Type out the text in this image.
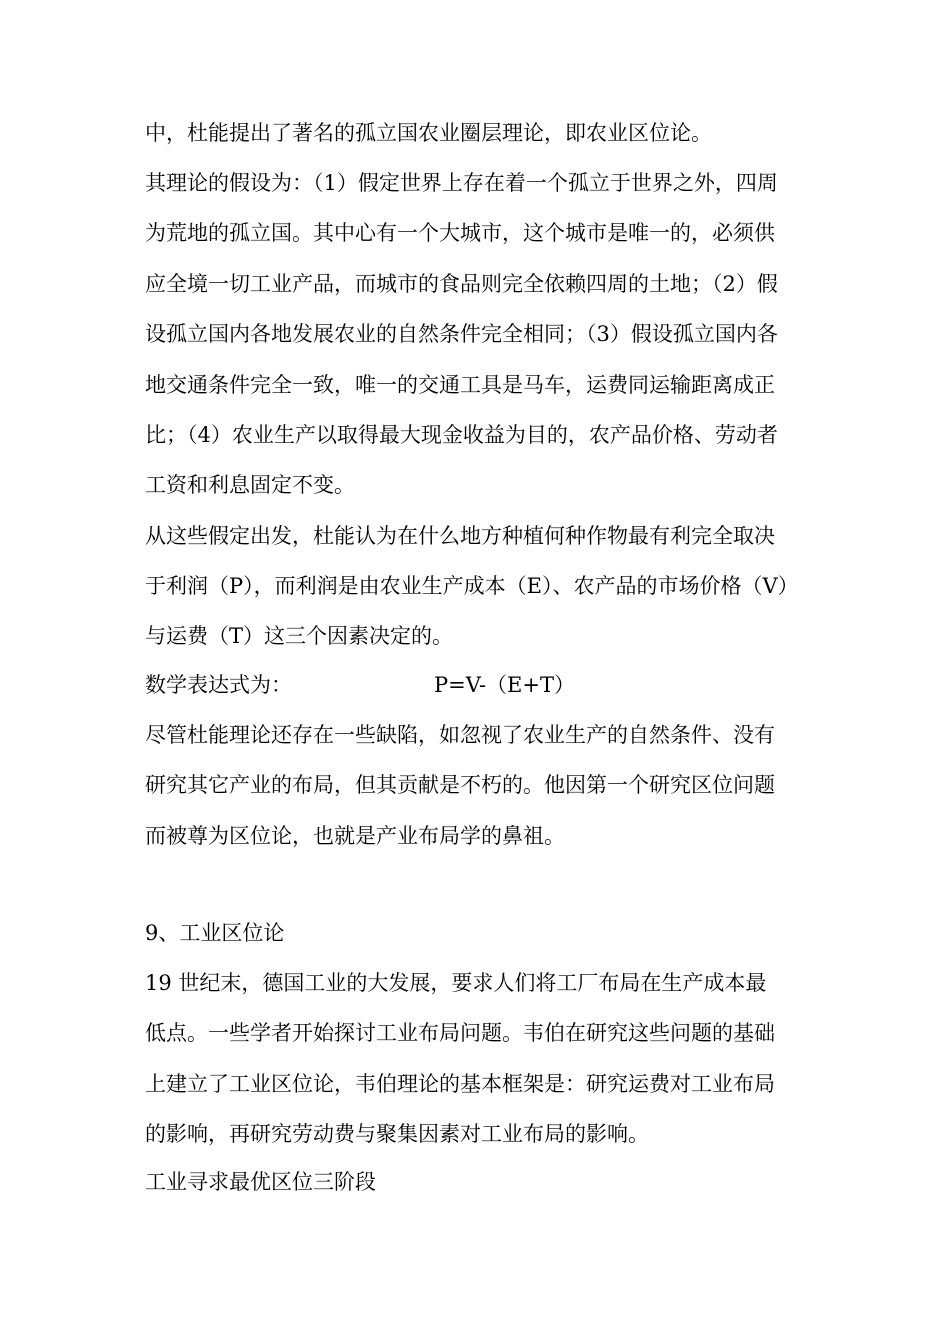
中，杜能提出了著名的孤立国农业圈层理论，即农业区位论。
其理论的假设为：（1）假定世界上存在着一个孤立于世界之外，四周
为荒地的孤立国。其中心有一个大城市，这个城市是唯一的，必须供
应全境一切工业产品，而城市的食品则完全依赖四周的土地；（2）假
设孤立国内各地发展农业的自然条件完全相同；（3）假设孤立国内各
地交通条件完全一致，唯一的交通工具是马车，运费同运输距离成正
比；（4）农业生产以取得最大现金收益为目的，农产品价格、劳动者
工资和利息固定不变。
从这些假定出发，杜能认为在什么地方种植何种作物最有利完全取决
于利润（P），而利润是由农业生产成本（E）、农产品的市场价格（V）
与运费（T）这三个因素决定的。
数学表达式为：	P=V-（E+T）
尽管杜能理论还存在一些缺陷，如忽视了农业生产的自然条件、没有
研究其它产业的布局，但其贡献是不朽的。他因第一个研究区位问题
而被尊为区位论，也就是产业布局学的鼻祖。
9、工业区位论
19 世纪末，德国工业的大发展，要求人们将工厂布局在生产成本最
低点。一些学者开始探讨工业布局问题。韦伯在研究这些问题的基础
上建立了工业区位论，韦伯理论的基本框架是：研究运费对工业布局
的影响，再研究劳动费与聚集因素对工业布局的影响。
工业寻求最优区位三阶段
